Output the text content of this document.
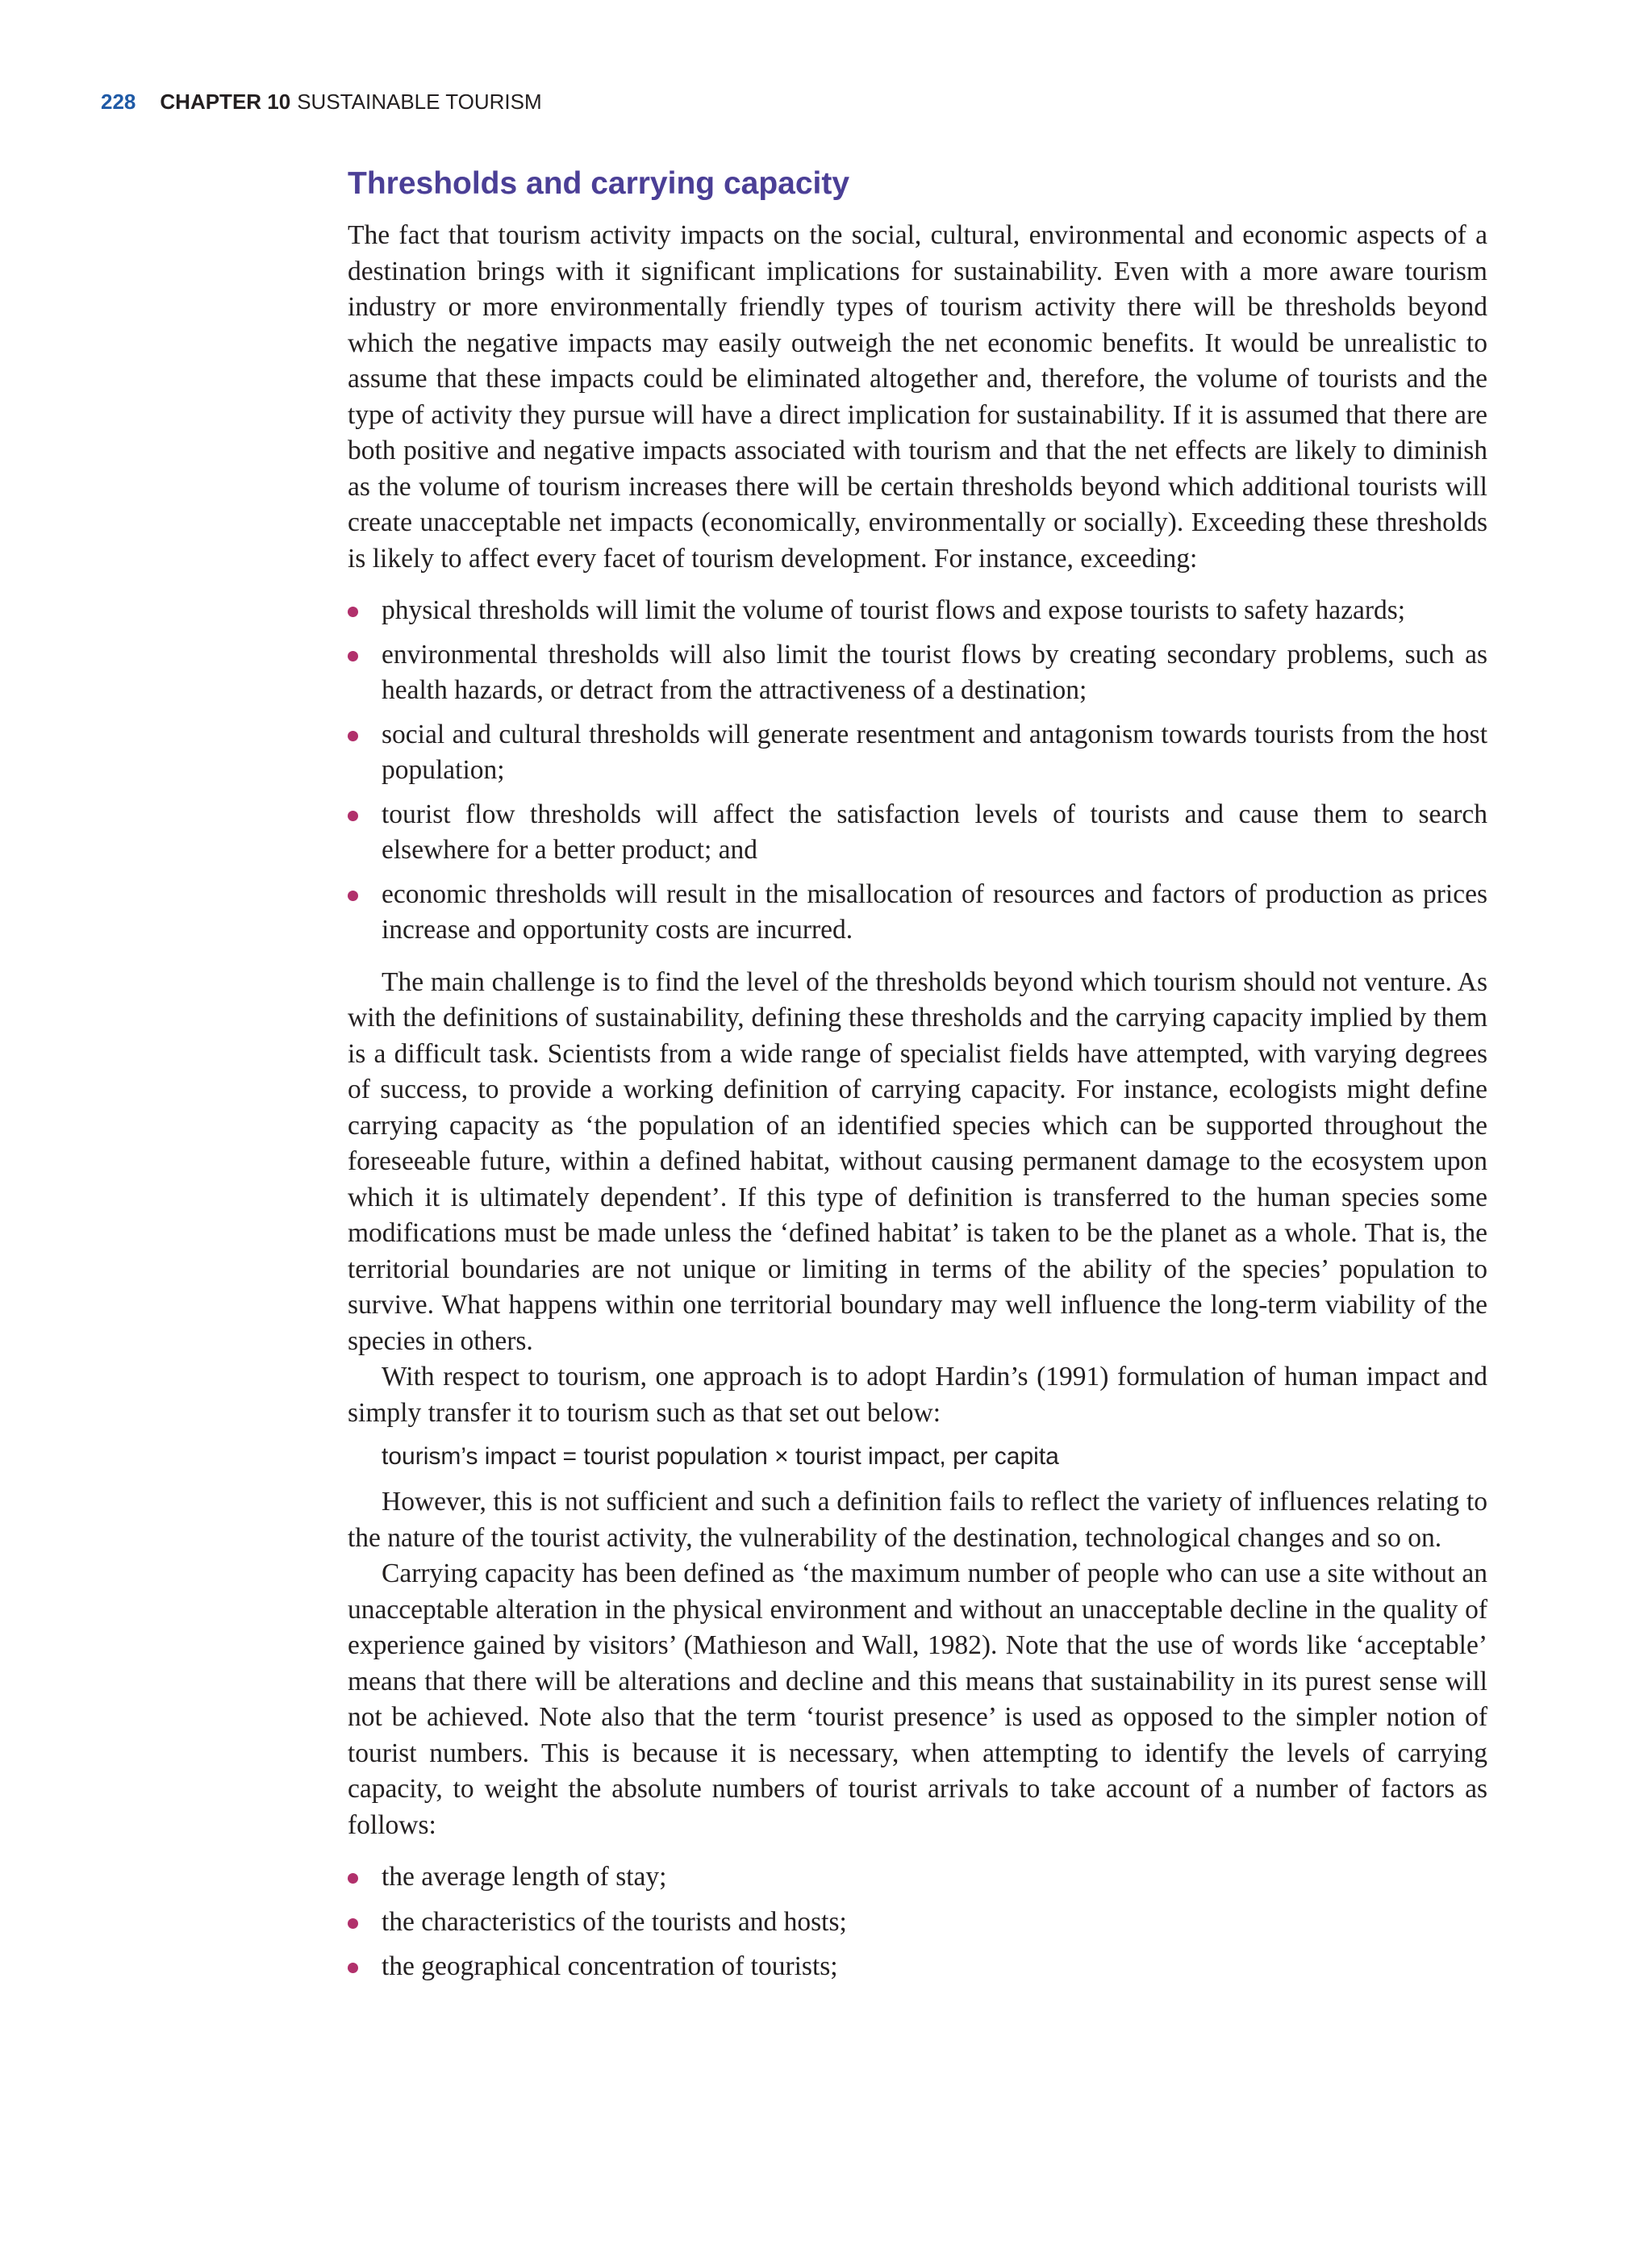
228 CHAPTER 10 SUSTAINABLE TOURISM
Thresholds and carrying capacity

The fact that tourism activity impacts on the social, cultural, environmental and economic aspects of a destination brings with it significant implications for sustainability. Even with a more aware tourism industry or more environmentally friendly types of tourism activity there will be thresholds beyond which the negative impacts may easily outweigh the net economic benefits. It would be unrealistic to assume that these impacts could be eliminated altogether and, therefore, the volume of tourists and the type of activity they pursue will have a direct implication for sustainability. If it is assumed that there are both positive and negative impacts associated with tourism and that the net effects are likely to diminish as the volume of tourism increases there will be certain thresholds beyond which additional tourists will create unacceptable net impacts (economically, environmentally or socially). Exceeding these thresholds is likely to affect every facet of tourism development. For instance, exceeding:

physical thresholds will limit the volume of tourist flows and expose tourists to safety hazards;
environmental thresholds will also limit the tourist flows by creating secondary problems, such as health hazards, or detract from the attractiveness of a destination;
social and cultural thresholds will generate resentment and antagonism towards tourists from the host population;
tourist flow thresholds will affect the satisfaction levels of tourists and cause them to search elsewhere for a better product; and
economic thresholds will result in the misallocation of resources and factors of production as prices increase and opportunity costs are incurred.

The main challenge is to find the level of the thresholds beyond which tourism should not venture. As with the definitions of sustainability, defining these thresholds and the carrying capacity implied by them is a difficult task. Scientists from a wide range of specialist fields have attempted, with varying degrees of success, to provide a working definition of carrying capacity. For instance, ecologists might define carrying capacity as ‘the population of an identified species which can be supported throughout the foreseeable future, within a defined habitat, without causing permanent damage to the ecosystem upon which it is ultimately dependent’. If this type of definition is transferred to the human species some modifications must be made unless the ‘defined habitat’ is taken to be the planet as a whole. That is, the territorial boundaries are not unique or limiting in terms of the ability of the species’ population to survive. What happens within one territorial boundary may well influence the long-term viability of the species in others.

With respect to tourism, one approach is to adopt Hardin’s (1991) formulation of human impact and simply transfer it to tourism such as that set out below:

tourism’s impact = tourist population × tourist impact, per capita

However, this is not sufficient and such a definition fails to reflect the variety of influences relating to the nature of the tourist activity, the vulnerability of the destination, technological changes and so on.

Carrying capacity has been defined as ‘the maximum number of people who can use a site without an unacceptable alteration in the physical environment and without an unacceptable decline in the quality of experience gained by visitors’ (Mathieson and Wall, 1982). Note that the use of words like ‘acceptable’ means that there will be alterations and decline and this means that sustainability in its purest sense will not be achieved. Note also that the term ‘tourist presence’ is used as opposed to the simpler notion of tourist numbers. This is because it is necessary, when attempting to identify the levels of carrying capacity, to weight the absolute numbers of tourist arrivals to take account of a number of factors as follows:

the average length of stay;
the characteristics of the tourists and hosts;
the geographical concentration of tourists;
